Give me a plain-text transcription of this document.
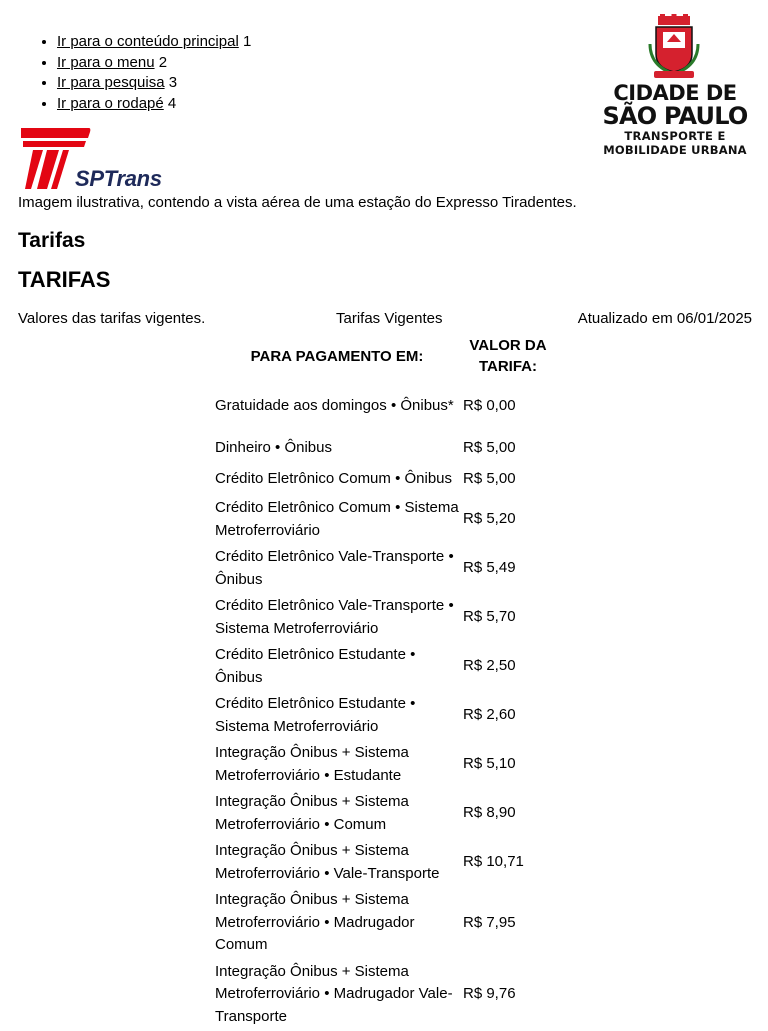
• Ir para o conteúdo principal 1
• Ir para o menu 2
• Ir para pesquisa 3
• Ir para o rodapé 4	CIDADE DE
SÃO PAULO
TRANSPORTE E
MOBILIDADE URBANA
SPTrans
Imagem ilustrativa, contendo a vista aérea de uma estação do Expresso Tiradentes.
Tarifas
TARIFAS
Valores das tarifas vigentes.	Tarifas Vigentes	Atualizado em 06/01/2025
PARA PAGAMENTO EM:	VALOR DA TARIFA:
Gratuidade aos domingos • Ônibus*	R$ 0,00
Dinheiro • Ônibus	R$ 5,00
Crédito Eletrônico Comum • Ônibus	R$ 5,00
Crédito Eletrônico Comum • Sistema Metroferroviário	R$ 5,20
Crédito Eletrônico Vale-Transporte • Ônibus	R$ 5,49
Crédito Eletrônico Vale-Transporte • Sistema Metroferroviário	R$ 5,70
Crédito Eletrônico Estudante • Ônibus	R$ 2,50
Crédito Eletrônico Estudante • Sistema Metroferroviário	R$ 2,60
Integração Ônibus + Sistema Metroferroviário • Estudante	R$ 5,10
Integração Ônibus + Sistema Metroferroviário • Comum	R$ 8,90
Integração Ônibus + Sistema Metroferroviário • Vale-Transporte	R$ 10,71
Integração Ônibus + Sistema Metroferroviário • Madrugador Comum	R$ 7,95
Integração Ônibus + Sistema Metroferroviário • Madrugador Vale-Transporte	R$ 9,76
